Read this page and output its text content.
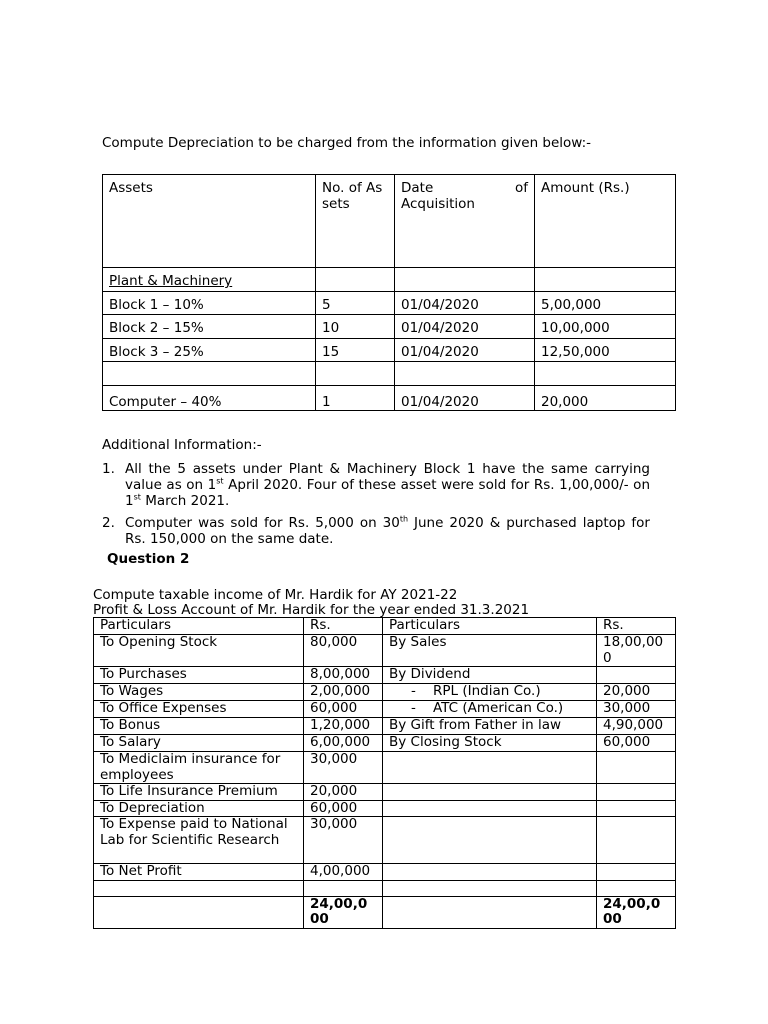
Compute Depreciation to be charged from the information given below:-
Assets	No. of Assets	Date of Acquisition	Amount (Rs.)
Plant & Machinery			
Block 1 – 10%	5	01/04/2020	5,00,000
Block 2 – 15%	10	01/04/2020	10,00,000
Block 3 – 25%	15	01/04/2020	12,50,000

Computer – 40%	1	01/04/2020	20,000
Additional Information:-
1. All the 5 assets under Plant & Machinery Block 1 have the same carrying value as on 1st April 2020. Four of these asset were sold for Rs. 1,00,000/- on 1st March 2021.
2. Computer was sold for Rs. 5,000 on 30th June 2020 & purchased laptop for Rs. 150,000 on the same date.
Question 2
Compute taxable income of Mr. Hardik for AY 2021-22
Profit & Loss Account of Mr. Hardik for the year ended 31.3.2021
Particulars	Rs.	Particulars	Rs.
To Opening Stock	80,000	By Sales	18,00,000
To Purchases	8,00,000	By Dividend	
To Wages	2,00,000	- RPL (Indian Co.)	20,000
To Office Expenses	60,000	- ATC (American Co.)	30,000
To Bonus	1,20,000	By Gift from Father in law	4,90,000
To Salary	6,00,000	By Closing Stock	60,000
To Mediclaim insurance for employees	30,000		
To Life Insurance Premium	20,000		
To Depreciation	60,000		
To Expense paid to National Lab for Scientific Research	30,000		
To Net Profit	4,00,000		

	24,00,000		24,00,000
